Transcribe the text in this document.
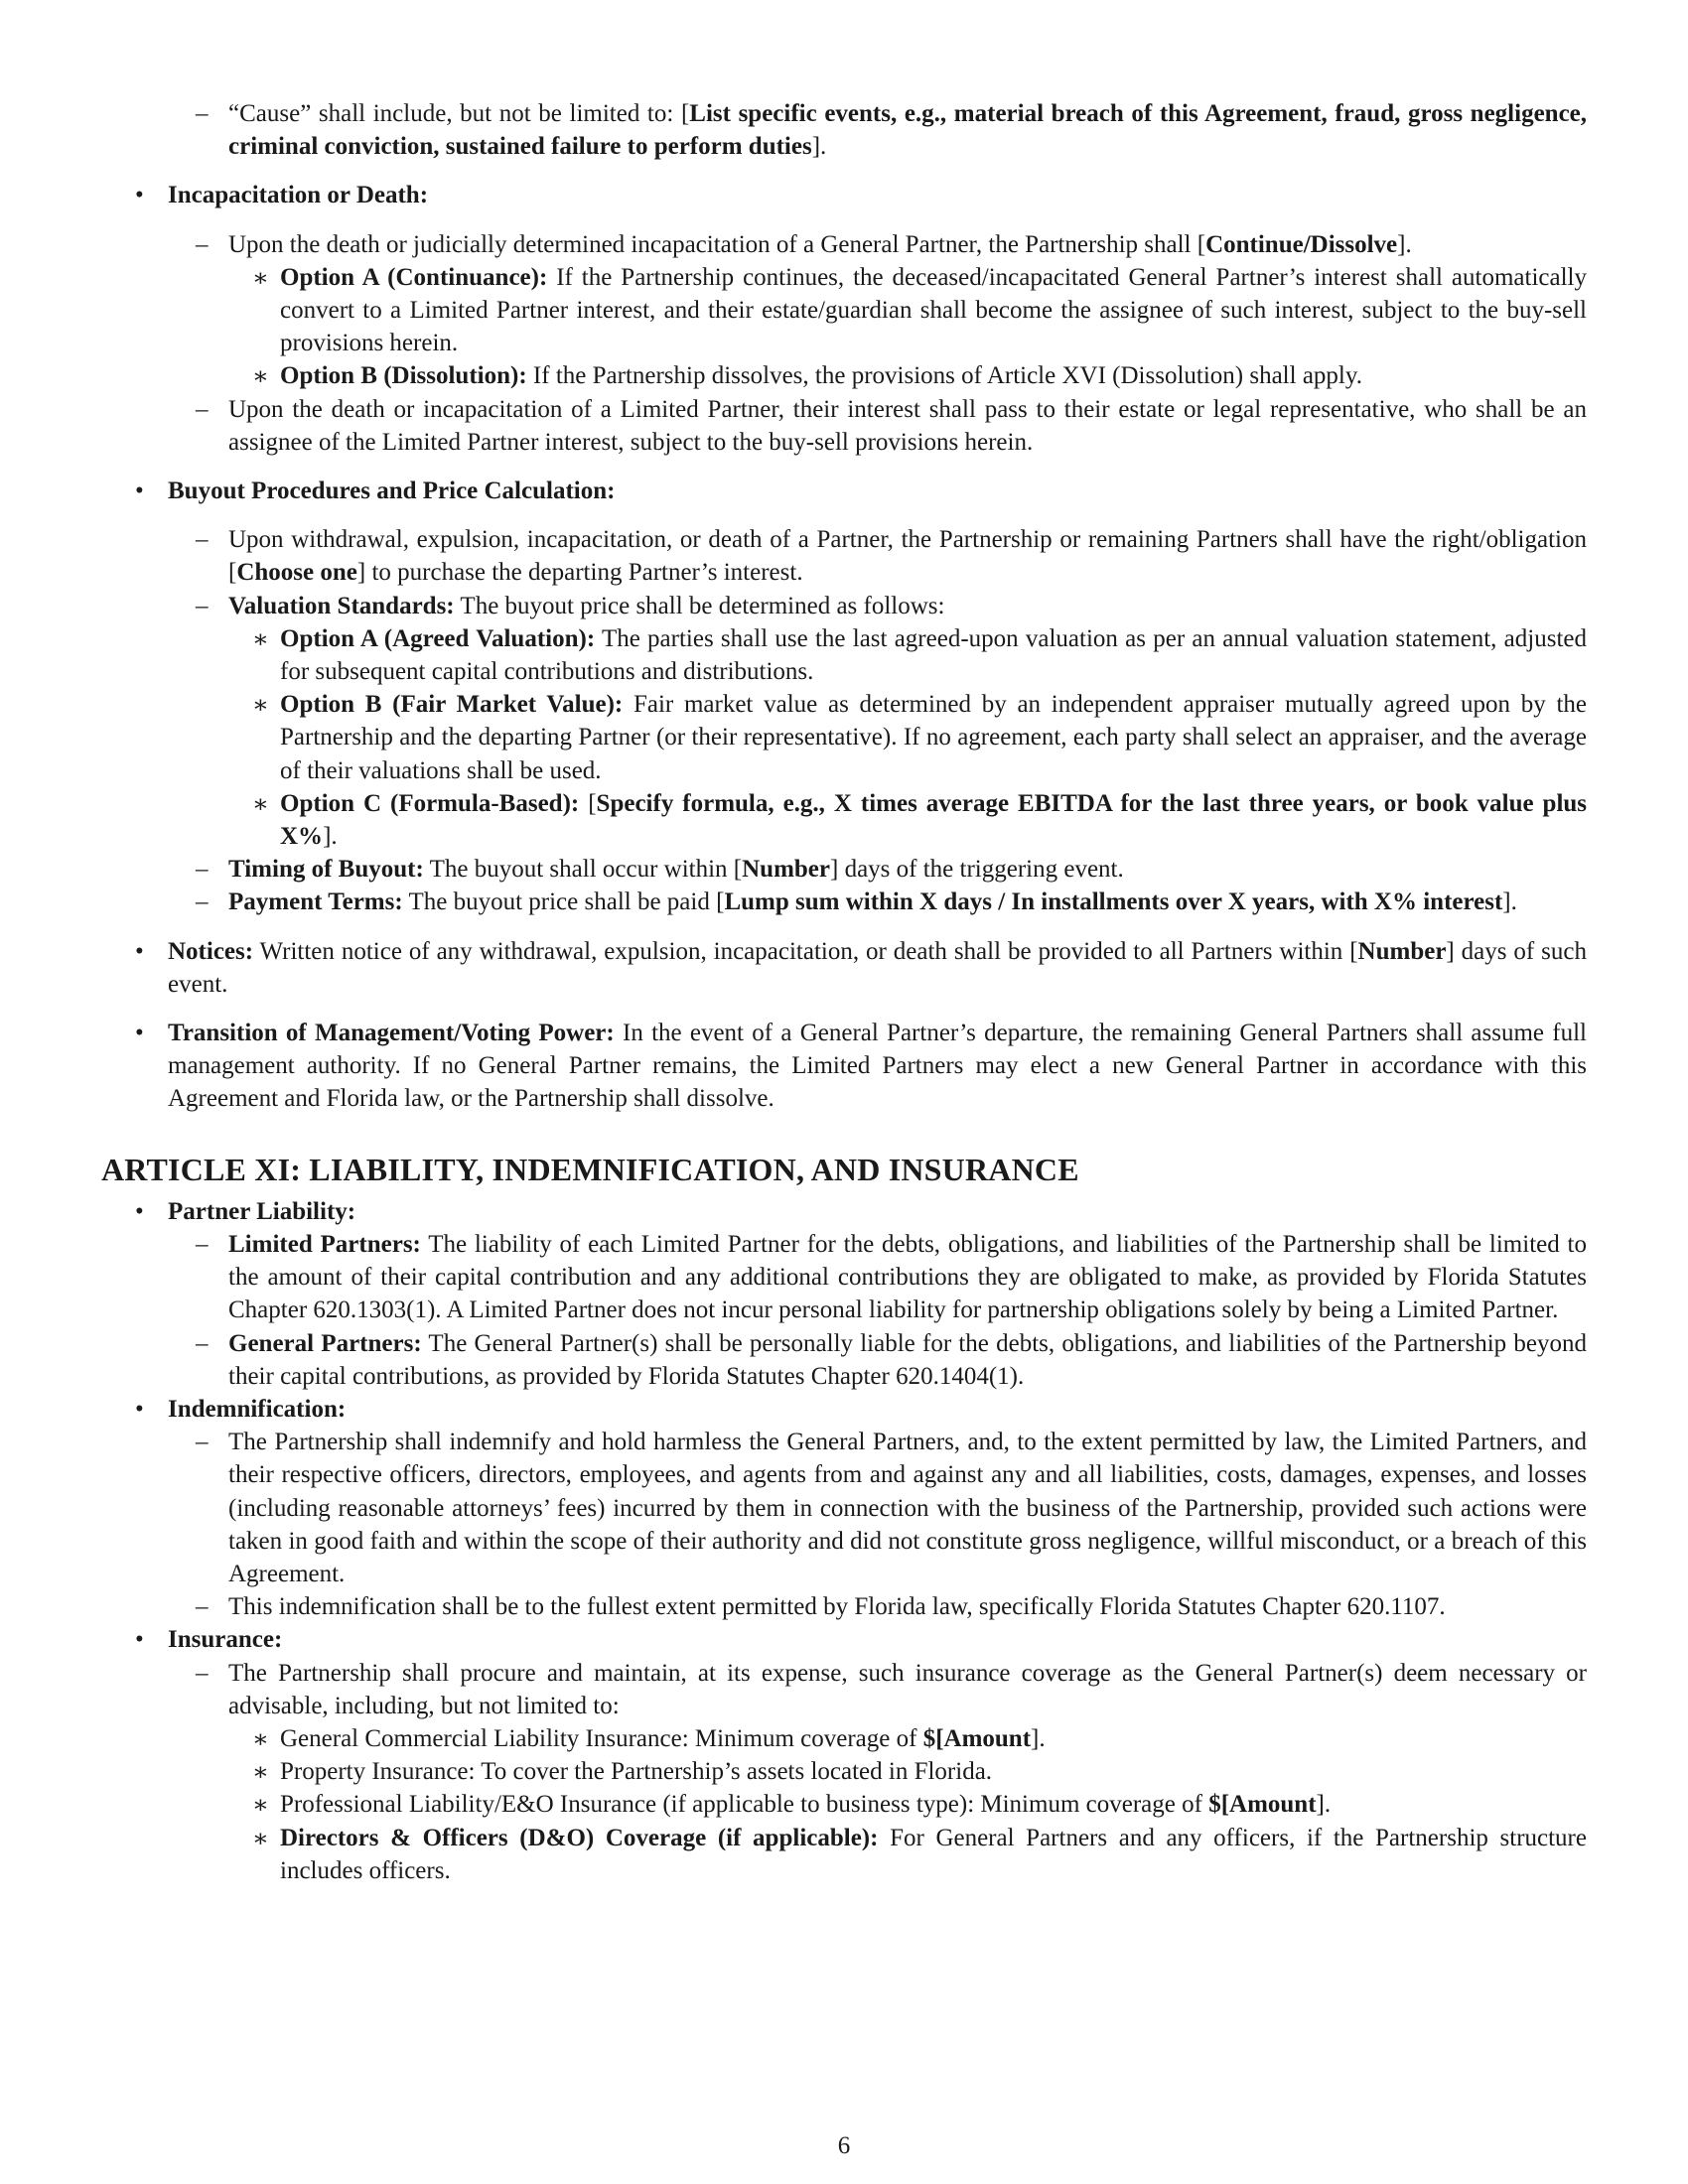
– “Cause” shall include, but not be limited to: [List specific events, e.g., material breach of this Agreement, fraud, gross negligence, criminal conviction, sustained failure to perform duties].

• Incapacitation or Death:

– Upon the death or judicially determined incapacitation of a General Partner, the Partnership shall [Continue/Dissolve].

∗ Option A (Continuance): If the Partnership continues, the deceased/incapacitated General Partner’s interest shall automatically convert to a Limited Partner interest, and their estate/guardian shall become the assignee of such interest, subject to the buy-sell provisions herein.

∗ Option B (Dissolution): If the Partnership dissolves, the provisions of Article XVI (Dissolution) shall apply.

– Upon the death or incapacitation of a Limited Partner, their interest shall pass to their estate or legal representative, who shall be an assignee of the Limited Partner interest, subject to the buy-sell provisions herein.

• Buyout Procedures and Price Calculation:

– Upon withdrawal, expulsion, incapacitation, or death of a Partner, the Partnership or remaining Partners shall have the right/obligation [Choose one] to purchase the departing Partner’s interest.

– Valuation Standards: The buyout price shall be determined as follows:

∗ Option A (Agreed Valuation): The parties shall use the last agreed-upon valuation as per an annual valuation statement, adjusted for subsequent capital contributions and distributions.

∗ Option B (Fair Market Value): Fair market value as determined by an independent appraiser mutually agreed upon by the Partnership and the departing Partner (or their representative). If no agreement, each party shall select an appraiser, and the average of their valuations shall be used.

∗ Option C (Formula-Based): [Specify formula, e.g., X times average EBITDA for the last three years, or book value plus X%].

– Timing of Buyout: The buyout shall occur within [Number] days of the triggering event.

– Payment Terms: The buyout price shall be paid [Lump sum within X days / In installments over X years, with X% interest].

• Notices: Written notice of any withdrawal, expulsion, incapacitation, or death shall be provided to all Partners within [Number] days of such event.

• Transition of Management/Voting Power: In the event of a General Partner’s departure, the remaining General Partners shall assume full management authority. If no General Partner remains, the Limited Partners may elect a new General Partner in accordance with this Agreement and Florida law, or the Partnership shall dissolve.

ARTICLE XI: LIABILITY, INDEMNIFICATION, AND INSURANCE

• Partner Liability:

– Limited Partners: The liability of each Limited Partner for the debts, obligations, and liabilities of the Partnership shall be limited to the amount of their capital contribution and any additional contributions they are obligated to make, as provided by Florida Statutes Chapter 620.1303(1). A Limited Partner does not incur personal liability for partnership obligations solely by being a Limited Partner.

– General Partners: The General Partner(s) shall be personally liable for the debts, obligations, and liabilities of the Partnership beyond their capital contributions, as provided by Florida Statutes Chapter 620.1404(1).

• Indemnification:

– The Partnership shall indemnify and hold harmless the General Partners, and, to the extent permitted by law, the Limited Partners, and their respective officers, directors, employees, and agents from and against any and all liabilities, costs, damages, expenses, and losses (including reasonable attorneys’ fees) incurred by them in connection with the business of the Partnership, provided such actions were taken in good faith and within the scope of their authority and did not constitute gross negligence, willful misconduct, or a breach of this Agreement.

– This indemnification shall be to the fullest extent permitted by Florida law, specifically Florida Statutes Chapter 620.1107.

• Insurance:

– The Partnership shall procure and maintain, at its expense, such insurance coverage as the General Partner(s) deem necessary or advisable, including, but not limited to:

∗ General Commercial Liability Insurance: Minimum coverage of $[Amount].

∗ Property Insurance: To cover the Partnership’s assets located in Florida.

∗ Professional Liability/E&O Insurance (if applicable to business type): Minimum coverage of $[Amount].

∗ Directors & Officers (D&O) Coverage (if applicable): For General Partners and any officers, if the Partnership structure includes officers.

6
